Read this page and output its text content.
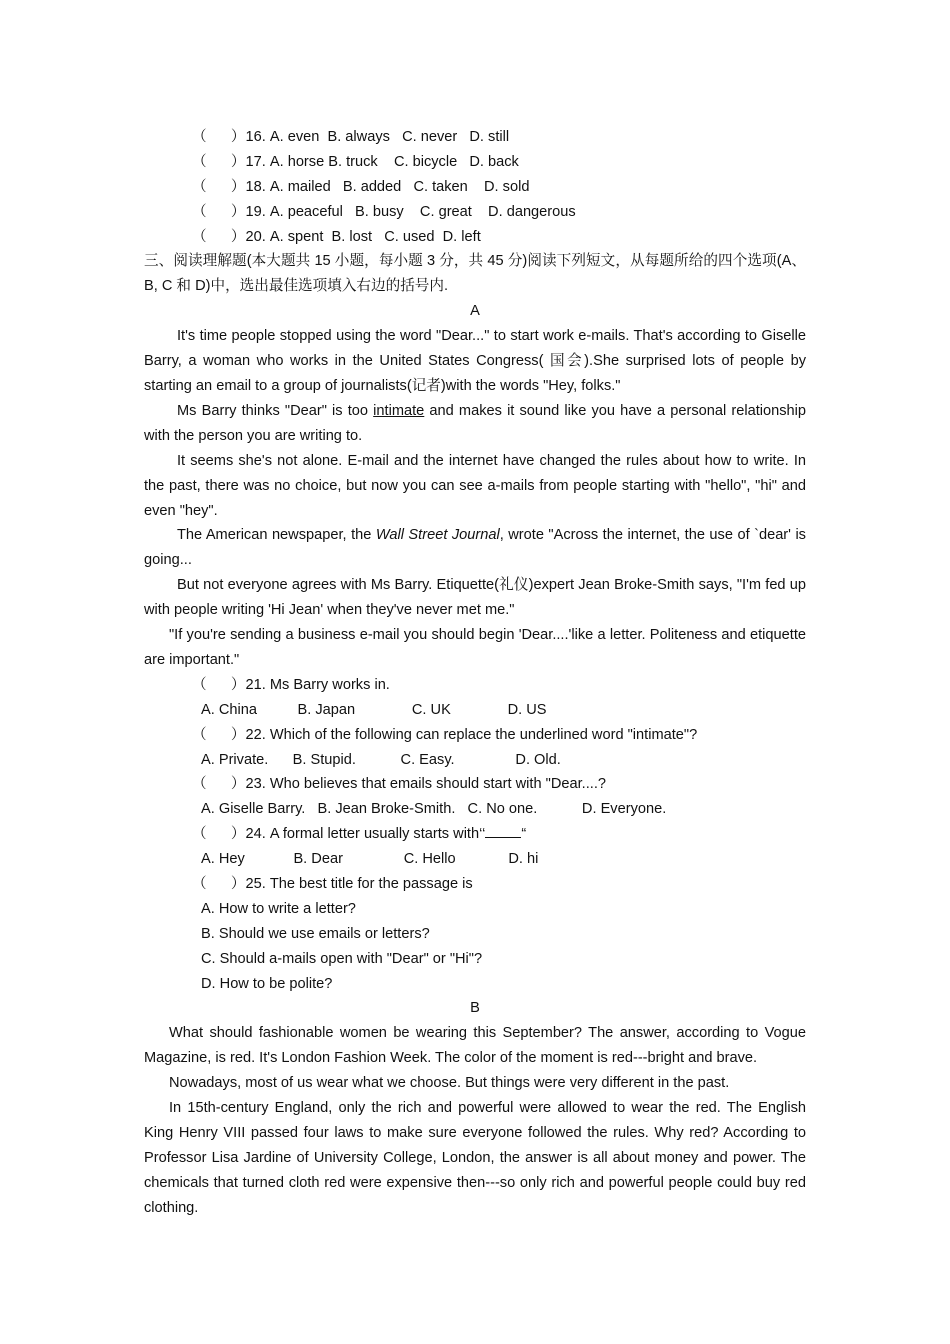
（      ）16. A. even  B. always   C. never   D. still
（      ）17. A. horse B. truck    C. bicycle   D. back
（      ）18. A. mailed   B. added   C. taken    D. sold
（      ）19. A. peaceful   B. busy    C. great    D. dangerous
（      ）20. A. spent  B. lost   C. used  D. left
三、阅读理解题(本大题共 15 小题，每小题 3 分，共 45 分)阅读下列短文，从每题所给的四个选项(A、B, C 和 D)中，选出最佳选项填入右边的括号内.
A
It's time people stopped using the word "Dear..." to start work e-mails. That's according to Giselle Barry, a woman who works in the United States Congress( 国会).She surprised lots of people by starting an email to a group of journalists(记者)with the words "Hey, folks."
Ms Barry thinks "Dear" is too intimate and makes it sound like you have a personal relationship with the person you are writing to.
It seems she's not alone. E-mail and the internet have changed the rules about how to write. In the past, there was no choice, but now you can see a-mails from people starting with "hello", "hi" and even "hey".
The American newspaper, the Wall Street Journal, wrote "Across the internet, the use of `dear' is going...
But not everyone agrees with Ms Barry. Etiquette(礼仪)expert Jean Broke-Smith says, "I'm fed up with people writing 'Hi Jean' when they've never met me."
"If you're sending a business e-mail you should begin 'Dear....'like a letter. Politeness and etiquette are important."
（      ）21. Ms Barry works in.
A. China          B. Japan              C. UK              D. US
（      ）22. Which of the following can replace the underlined word "intimate"?
A. Private.      B. Stupid.           C. Easy.               D. Old.
（      ）23. Who believes that emails should start with "Dear....?
A. Giselle Barry.   B. Jean Broke-Smith.   C. No one.           D. Everyone.
（      ）24. A formal letter usually starts with‘‘ “
A. Hey            B. Dear               C. Hello             D. hi
（      ）25. The best title for the passage is
A. How to write a letter?
B. Should we use emails or letters?
C. Should a-mails open with "Dear" or "Hi"?
D. How to be polite?
B
What should fashionable women be wearing this September? The answer, according to Vogue Magazine, is red. It's London Fashion Week. The color of the moment is red---bright and brave.
Nowadays, most of us wear what we choose. But things were very different in the past.
In 15th-century England, only the rich and powerful were allowed to wear the red. The English King Henry VIII passed four laws to make sure everyone followed the rules. Why red? According to Professor Lisa Jardine of University College, London, the answer is all about money and power. The chemicals that turned cloth red were expensive then---so only rich and powerful people could buy red clothing.
